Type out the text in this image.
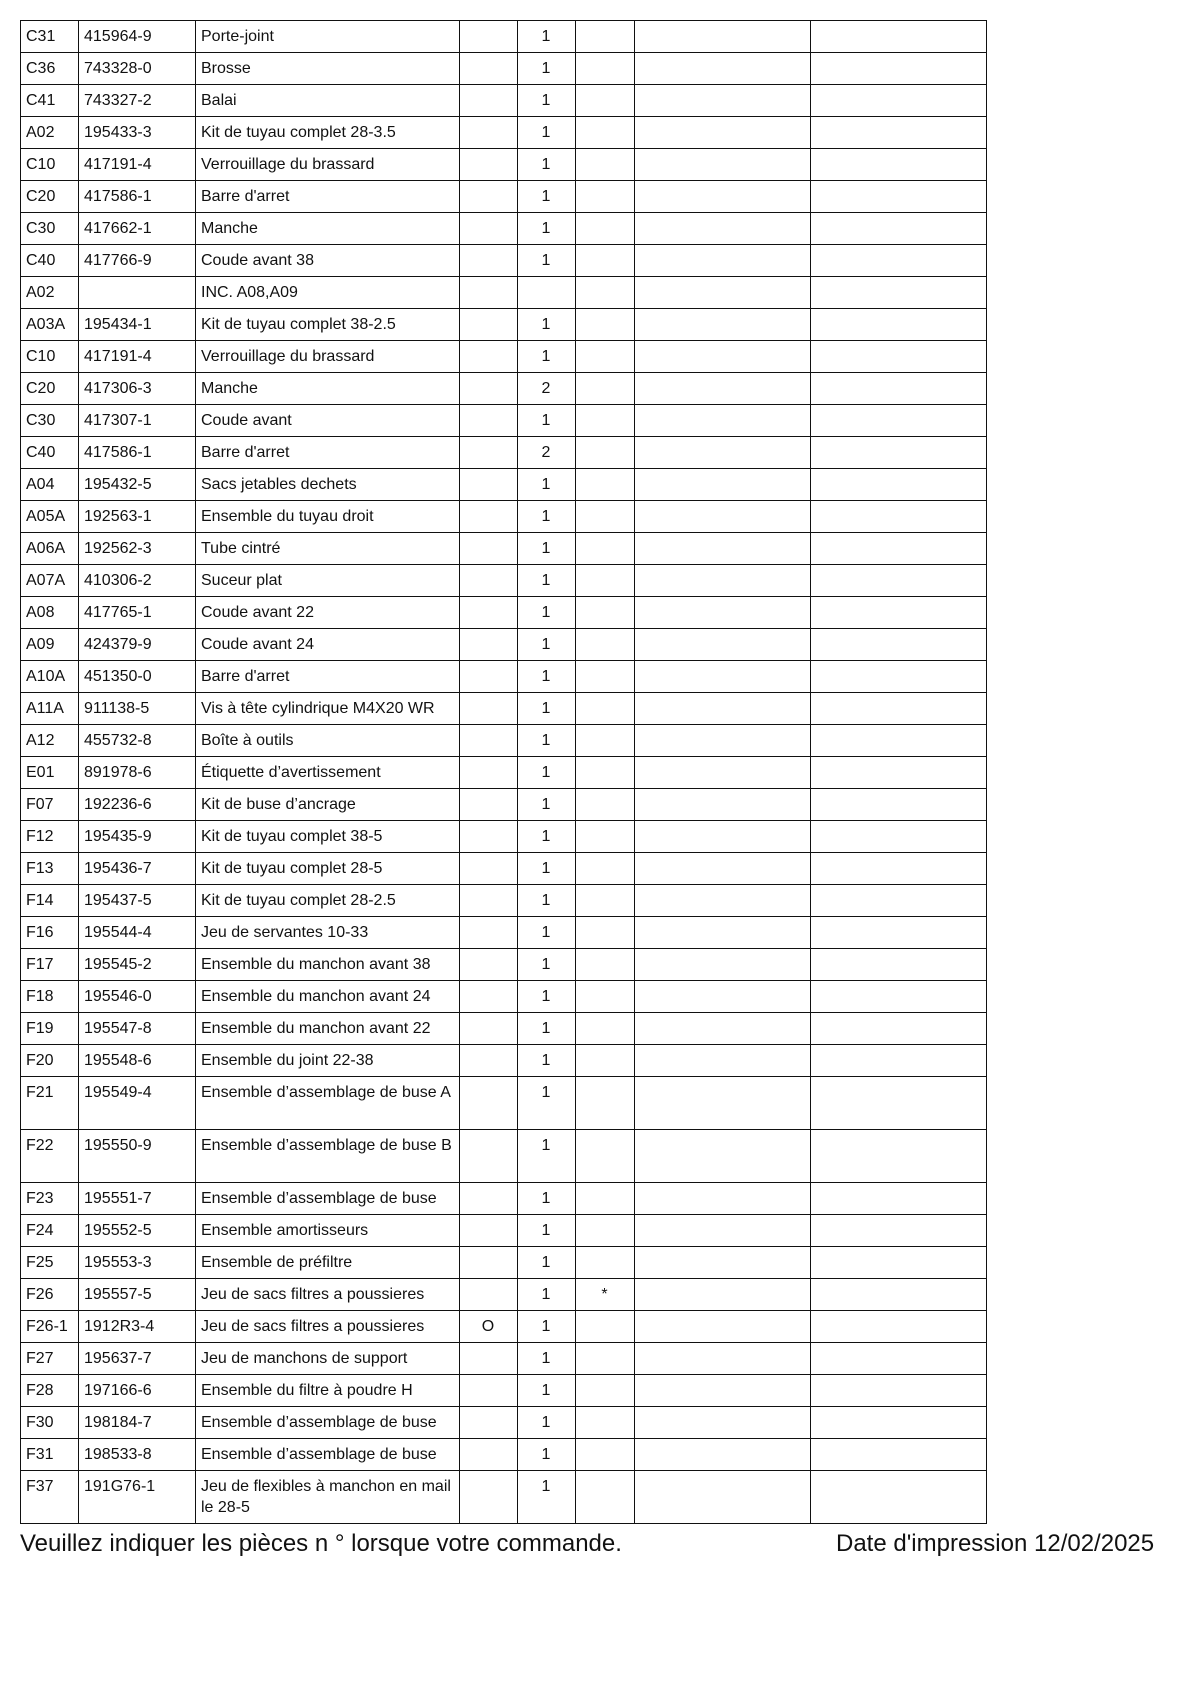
C31	415964-9	Porte-joint		1			
C36	743328-0	Brosse		1			
C41	743327-2	Balai		1			
A02	195433-3	Kit de tuyau complet 28-3.5		1			
C10	417191-4	Verrouillage du brassard		1			
C20	417586-1	Barre d'arret		1			
C30	417662-1	Manche		1			
C40	417766-9	Coude avant 38		1			
A02		INC. A08,A09					
A03A	195434-1	Kit de tuyau complet 38-2.5		1			
C10	417191-4	Verrouillage du brassard		1			
C20	417306-3	Manche		2			
C30	417307-1	Coude avant		1			
C40	417586-1	Barre d'arret		2			
A04	195432-5	Sacs jetables dechets		1			
A05A	192563-1	Ensemble du tuyau droit		1			
A06A	192562-3	Tube cintré		1			
A07A	410306-2	Suceur plat		1			
A08	417765-1	Coude avant 22		1			
A09	424379-9	Coude avant 24		1			
A10A	451350-0	Barre d'arret		1			
A11A	911138-5	Vis à tête cylindrique M4X20 WR		1			
A12	455732-8	Boîte à outils		1			
E01	891978-6	Étiquette d’avertissement		1			
F07	192236-6	Kit de buse d’ancrage		1			
F12	195435-9	Kit de tuyau complet 38-5		1			
F13	195436-7	Kit de tuyau complet 28-5		1			
F14	195437-5	Kit de tuyau complet 28-2.5		1			
F16	195544-4	Jeu de servantes 10-33		1			
F17	195545-2	Ensemble du manchon avant 38		1			
F18	195546-0	Ensemble du manchon avant 24		1			
F19	195547-8	Ensemble du manchon avant 22		1			
F20	195548-6	Ensemble du joint 22-38		1			
F21	195549-4	Ensemble d’assemblage de buse A		1			
F22	195550-9	Ensemble d’assemblage de buse B		1			
F23	195551-7	Ensemble d’assemblage de buse		1			
F24	195552-5	Ensemble amortisseurs		1			
F25	195553-3	Ensemble de préfiltre		1			
F26	195557-5	Jeu de sacs filtres a poussieres		1	*		
F26-1	1912R3-4	Jeu de sacs filtres a poussieres	O	1			
F27	195637-7	Jeu de manchons de support		1			
F28	197166-6	Ensemble du filtre à poudre H		1			
F30	198184-7	Ensemble d’assemblage de buse		1			
F31	198533-8	Ensemble d’assemblage de buse		1			
F37	191G76-1	Jeu de flexibles à manchon en maille 28-5		1			
Veuillez indiquer les pièces n ° lorsque votre commande.	Date d'impression 12/02/2025
